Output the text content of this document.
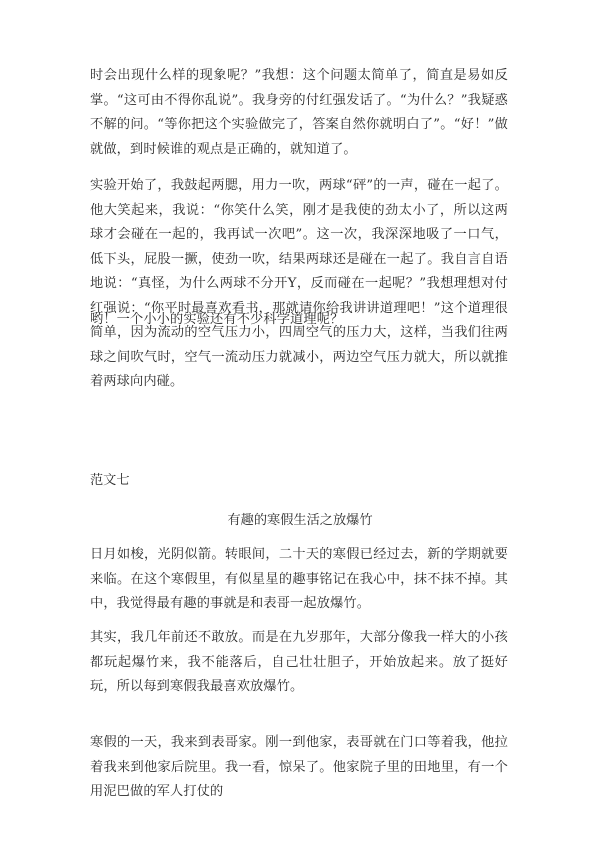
时会出现什么样的现象呢？”我想：这个问题太简单了，简直是易如反掌。“这可由不得你乱说”。我身旁的付红强发话了。“为什么？”我疑惑不解的问。“等你把这个实验做完了，答案自然你就明白了”。“好！”做就做，到时候谁的观点是正确的，就知道了。

实验开始了，我鼓起两腮，用力一吹，两球“砰”的一声，碰在一起了。他大笑起来，我说：“你笑什么笑，刚才是我使的劲太小了，所以这两球才会碰在一起的，我再试一次吧”。这一次，我深深地吸了一口气，低下头，屁股一撅，使劲一吹，结果两球还是碰在一起了。我自言自语地说：“真怪，为什么两球不分开Y，反而碰在一起呢？”我想理想对付红强说：“你平时最喜欢看书，那就请你给我讲讲道理吧！”这个道理很简单，因为流动的空气压力小，四周空气的压力大，这样，当我们往两球之间吹气时，空气一流动压力就减小，两边空气压力就大，所以就推着两球向内碰。

哟！一个小小的实验还有不少科学道理呢？

范文七

有趣的寒假生活之放爆竹

日月如梭，光阴似箭。转眼间，二十天的寒假已经过去，新的学期就要来临。在这个寒假里，有似星星的趣事铭记在我心中，抹不抹不掉。其中，我觉得最有趣的事就是和表哥一起放爆竹。

其实，我几年前还不敢放。而是在九岁那年，大部分像我一样大的小孩都玩起爆竹来，我不能落后，自己壮壮胆子，开始放起来。放了挺好玩，所以每到寒假我最喜欢放爆竹。

寒假的一天，我来到表哥家。刚一到他家，表哥就在门口等着我，他拉着我来到他家后院里。我一看，惊呆了。他家院子里的田地里，有一个用泥巴做的军人打仗的
